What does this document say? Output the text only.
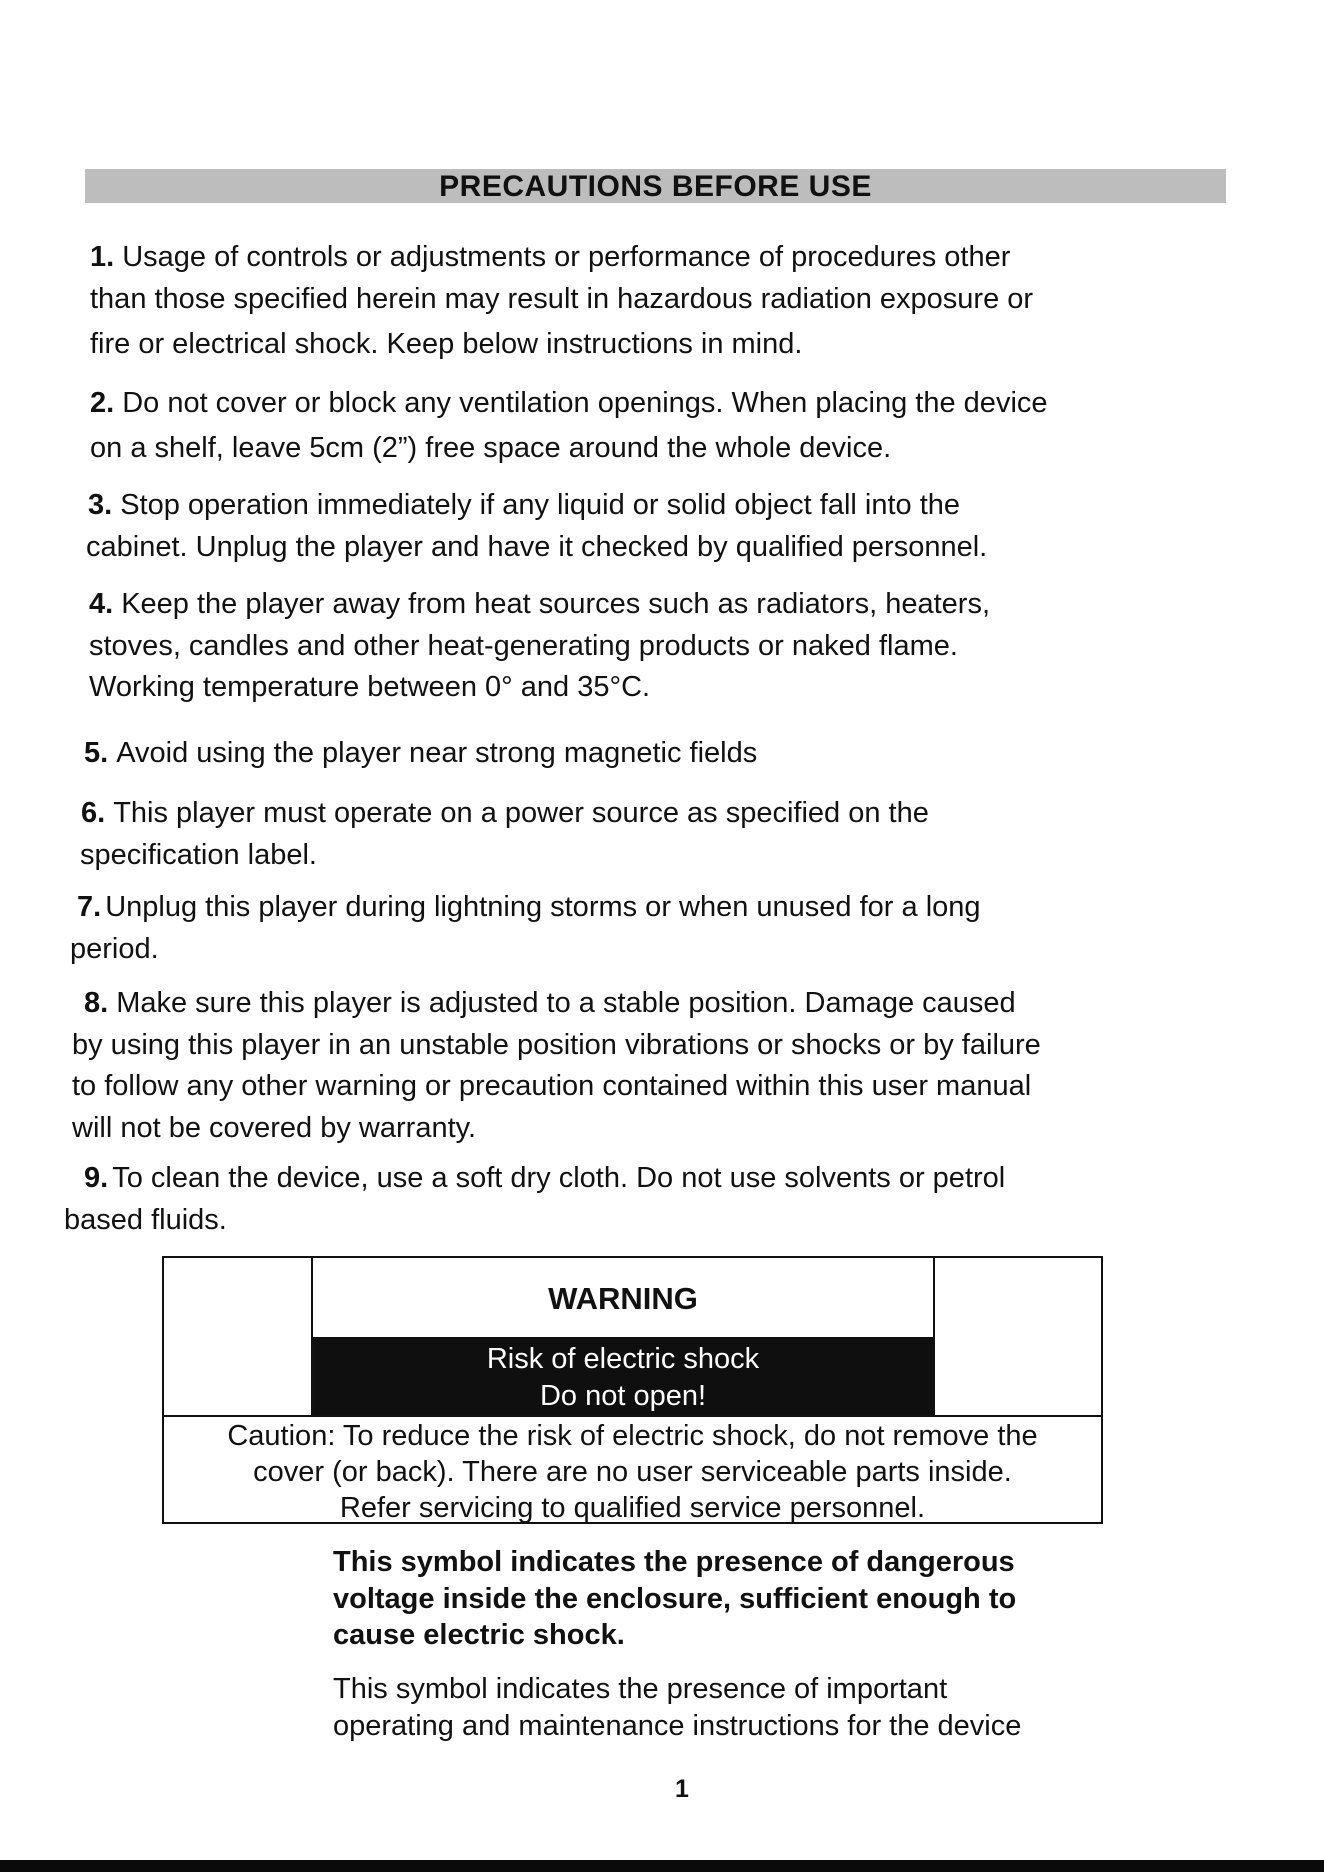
PRECAUTIONS BEFORE USE
1. Usage of controls or adjustments or performance of procedures other
than those specified herein may result in hazardous radiation exposure or
fire or electrical shock. Keep below instructions in mind.
2. Do not cover or block any ventilation openings. When placing the device
on a shelf, leave 5cm (2”) free space around the whole device.
3. Stop operation immediately if any liquid or solid object fall into the
cabinet. Unplug the player and have it checked by qualified personnel.
4. Keep the player away from heat sources such as radiators, heaters,
stoves, candles and other heat-generating products or naked flame.
Working temperature between 0° and 35°C.
5. Avoid using the player near strong magnetic fields
6. This player must operate on a power source as specified on the
specification label.
7. Unplug this player during lightning storms or when unused for a long
period.
8. Make sure this player is adjusted to a stable position. Damage caused
by using this player in an unstable position vibrations or shocks or by failure
to follow any other warning or precaution contained within this user manual
will not be covered by warranty.
9. To clean the device, use a soft dry cloth. Do not use solvents or petrol
based fluids.
WARNING
Risk of electric shock
Do not open!
Caution: To reduce the risk of electric shock, do not remove the
cover (or back). There are no user serviceable parts inside.
Refer servicing to qualified service personnel.
This symbol indicates the presence of dangerous
voltage inside the enclosure, sufficient enough to
cause electric shock.
This symbol indicates the presence of important
operating and maintenance instructions for the device
1
